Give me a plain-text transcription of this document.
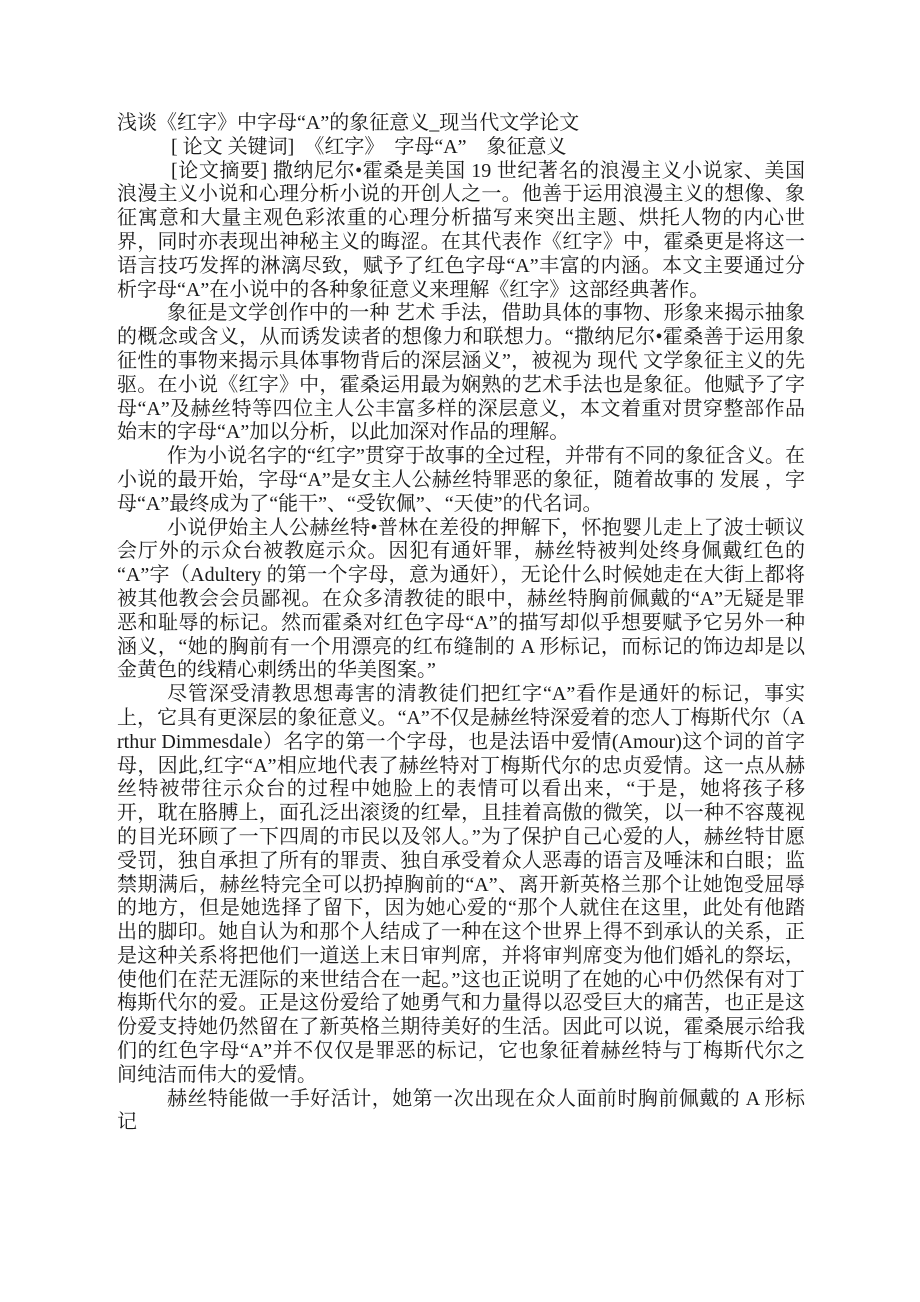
浅谈《红字》中字母“A”的象征意义_现当代文学论文

[ 论文 关键词]　《红字》　字母“A”　象征意义

[论文摘要] 撒纳尼尔•霍桑是美国 19 世纪著名的浪漫主义小说家、美国浪漫主义小说和心理分析小说的开创人之一。他善于运用浪漫主义的想像、象征寓意和大量主观色彩浓重的心理分析描写来突出主题、烘托人物的内心世界，同时亦表现出神秘主义的晦涩。在其代表作《红字》中，霍桑更是将这一语言技巧发挥的淋漓尽致，赋予了红色字母“A”丰富的内涵。本文主要通过分析字母“A”在小说中的各种象征意义来理解《红字》这部经典著作。

象征是文学创作中的一种 艺术 手法，借助具体的事物、形象来揭示抽象的概念或含义，从而诱发读者的想像力和联想力。“撒纳尼尔•霍桑善于运用象征性的事物来揭示具体事物背后的深层涵义”，被视为 现代 文学象征主义的先驱。在小说《红字》中，霍桑运用最为娴熟的艺术手法也是象征。他赋予了字母“A”及赫丝特等四位主人公丰富多样的深层意义，本文着重对贯穿整部作品始末的字母“A”加以分析，以此加深对作品的理解。

作为小说名字的“红字”贯穿于故事的全过程，并带有不同的象征含义。在小说的最开始，字母“A”是女主人公赫丝特罪恶的象征，随着故事的 发展 ，字母“A”最终成为了“能干”、“受钦佩”、“天使”的代名词。

小说伊始主人公赫丝特•普林在差役的押解下，怀抱婴儿走上了波士顿议会厅外的示众台被教庭示众。因犯有通奸罪，赫丝特被判处终身佩戴红色的“A”字（Adultery 的第一个字母，意为通奸），无论什么时候她走在大街上都将被其他教会会员鄙视。在众多清教徒的眼中，赫丝特胸前佩戴的“A”无疑是罪恶和耻辱的标记。然而霍桑对红色字母“A”的描写却似乎想要赋予它另外一种涵义，“她的胸前有一个用漂亮的红布缝制的 A 形标记，而标记的饰边却是以金黄色的线精心刺绣出的华美图案。”

尽管深受清教思想毒害的清教徒们把红字“A”看作是通奸的标记，事实上，它具有更深层的象征意义。“A”不仅是赫丝特深爱着的恋人丁梅斯代尔（Arthur Dimmesdale）名字的第一个字母，也是法语中爱情(Amour)这个词的首字母，因此,红字“A”相应地代表了赫丝特对丁梅斯代尔的忠贞爱情。这一点从赫丝特被带往示众台的过程中她脸上的表情可以看出来，“于是，她将孩子移开，耽在胳膊上，面孔泛出滚烫的红晕，且挂着高傲的微笑，以一种不容蔑视的目光环顾了一下四周的市民以及邻人。”为了保护自己心爱的人，赫丝特甘愿受罚，独自承担了所有的罪责、独自承受着众人恶毒的语言及唾沫和白眼；监禁期满后，赫丝特完全可以扔掉胸前的“A”、离开新英格兰那个让她饱受屈辱的地方，但是她选择了留下，因为她心爱的“那个人就住在这里，此处有他踏出的脚印。她自认为和那个人结成了一种在这个世界上得不到承认的关系，正是这种关系将把他们一道送上末日审判席，并将审判席变为他们婚礼的祭坛，使他们在茫无涯际的来世结合在一起。”这也正说明了在她的心中仍然保有对丁梅斯代尔的爱。正是这份爱给了她勇气和力量得以忍受巨大的痛苦，也正是这份爱支持她仍然留在了新英格兰期待美好的生活。因此可以说，霍桑展示给我们的红色字母“A”并不仅仅是罪恶的标记，它也象征着赫丝特与丁梅斯代尔之间纯洁而伟大的爱情。

赫丝特能做一手好活计，她第一次出现在众人面前时胸前佩戴的 A 形标记
